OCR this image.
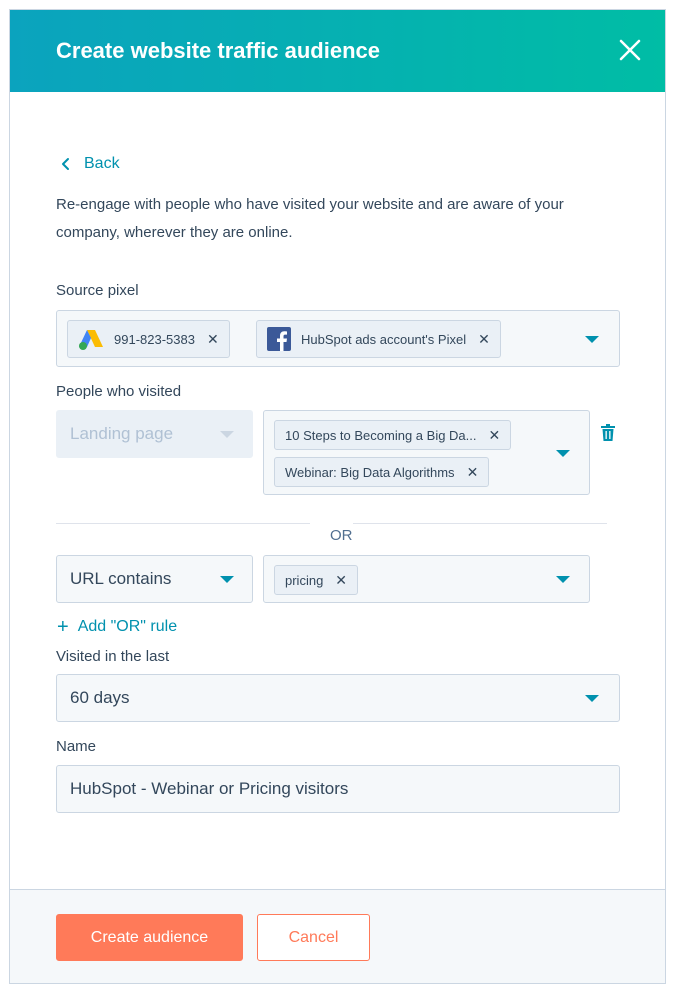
Create website traffic audience
Back
Re-engage with people who have visited your website and are aware of your company, wherever they are online.
Source pixel
991-823-5383 ✕	HubSpot ads account's Pixel ✕
People who visited
Landing page	10 Steps to Becoming a Big Da... ✕
Webinar: Big Data Algorithms ✕
OR
URL contains	pricing ✕
+ Add "OR" rule
Visited in the last
60 days
Name
HubSpot - Webinar or Pricing visitors
Create audience	Cancel
